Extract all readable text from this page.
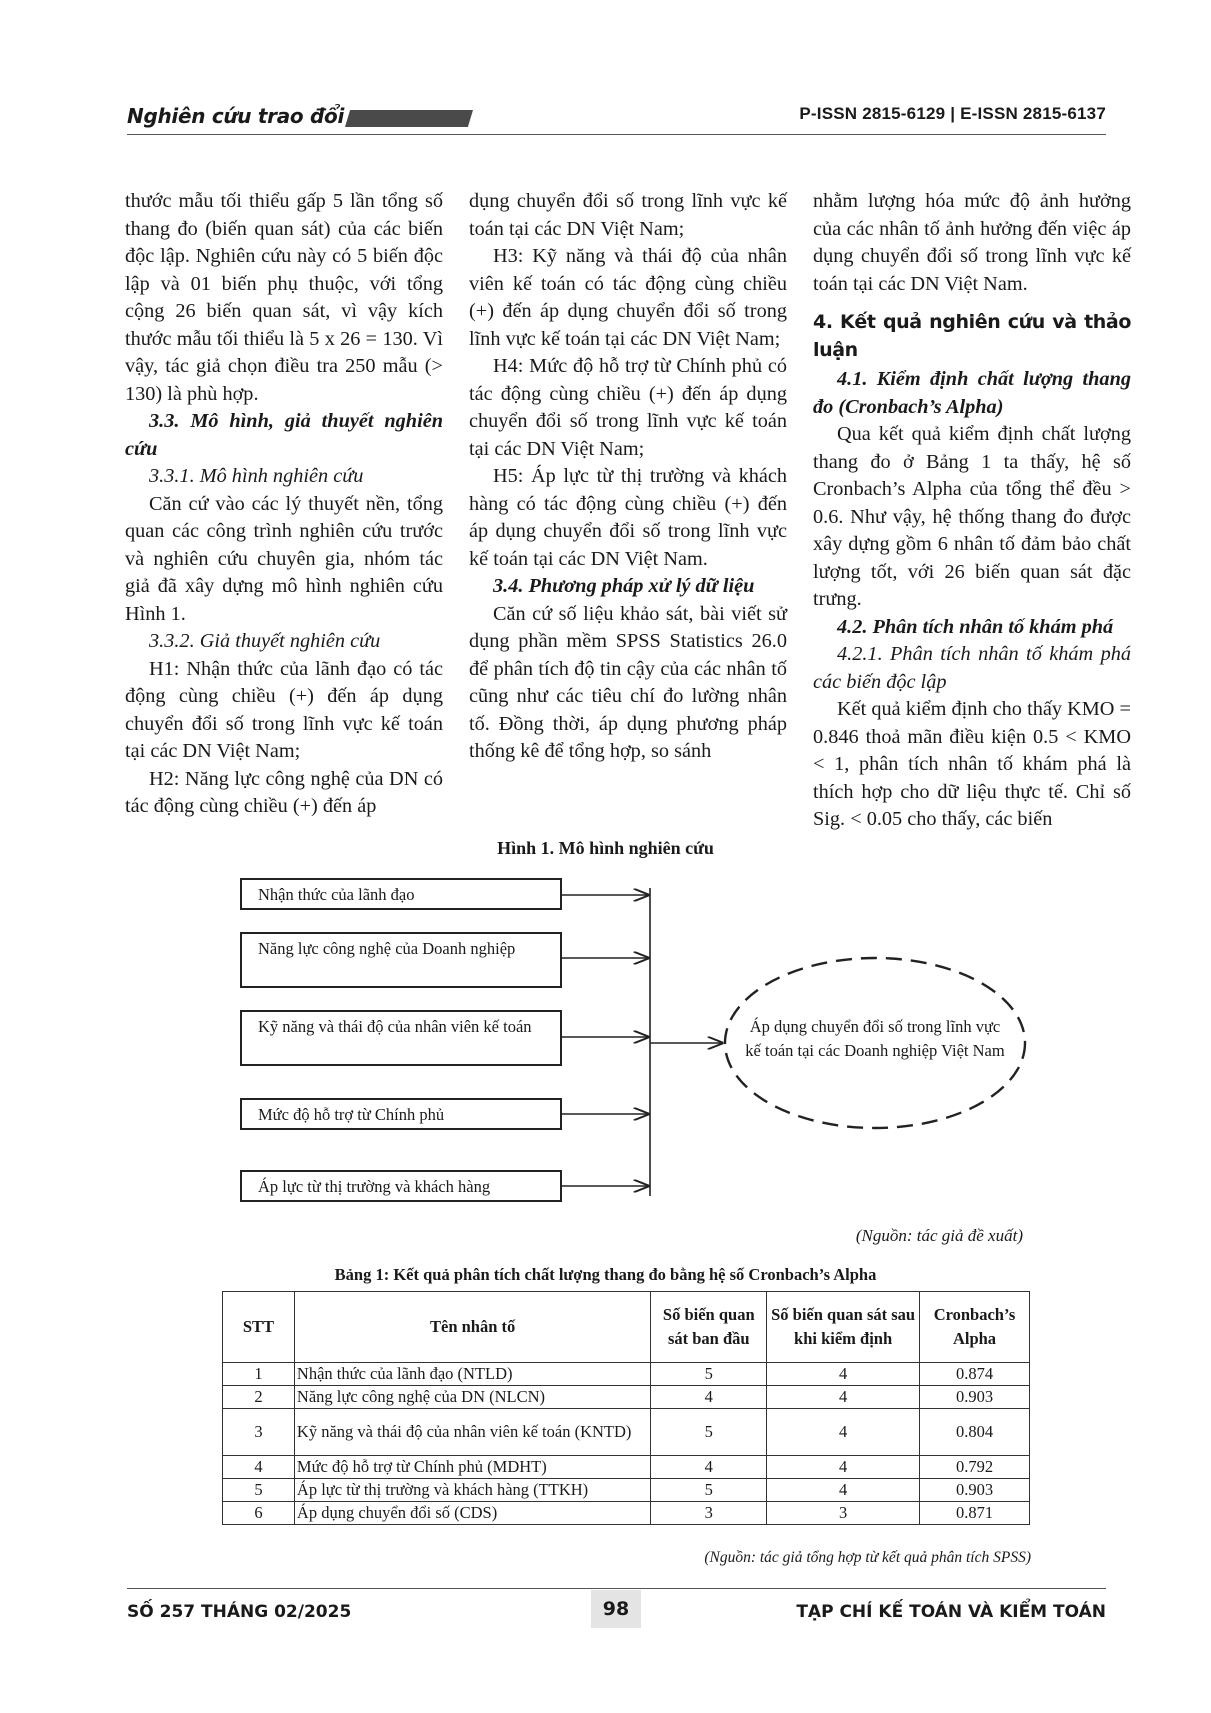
Nghiên cứu trao đổi	P-ISSN 2815-6129 | E-ISSN 2815-6137

thước mẫu tối thiểu gấp 5 lần tổng số thang đo (biến quan sát) của các biến độc lập. Nghiên cứu này có 5 biến độc lập và 01 biến phụ thuộc, với tổng cộng 26 biến quan sát, vì vậy kích thước mẫu tối thiểu là 5 x 26 = 130. Vì vậy, tác giả chọn điều tra 250 mẫu (> 130) là phù hợp.

3.3. Mô hình, giả thuyết nghiên cứu

3.3.1. Mô hình nghiên cứu

Căn cứ vào các lý thuyết nền, tổng quan các công trình nghiên cứu trước và nghiên cứu chuyên gia, nhóm tác giả đã xây dựng mô hình nghiên cứu Hình 1.

3.3.2. Giả thuyết nghiên cứu

H1: Nhận thức của lãnh đạo có tác động cùng chiều (+) đến áp dụng chuyển đổi số trong lĩnh vực kế toán tại các DN Việt Nam;

H2: Năng lực công nghệ của DN có tác động cùng chiều (+) đến áp

dụng chuyển đổi số trong lĩnh vực kế toán tại các DN Việt Nam;

H3: Kỹ năng và thái độ của nhân viên kế toán có tác động cùng chiều (+) đến áp dụng chuyển đổi số trong lĩnh vực kế toán tại các DN Việt Nam;

H4: Mức độ hỗ trợ từ Chính phủ có tác động cùng chiều (+) đến áp dụng chuyển đổi số trong lĩnh vực kế toán tại các DN Việt Nam;

H5: Áp lực từ thị trường và khách hàng có tác động cùng chiều (+) đến áp dụng chuyển đổi số trong lĩnh vực kế toán tại các DN Việt Nam.

3.4. Phương pháp xử lý dữ liệu

Căn cứ số liệu khảo sát, bài viết sử dụng phần mềm SPSS Statistics 26.0 để phân tích độ tin cậy của các nhân tố cũng như các tiêu chí đo lường nhân tố. Đồng thời, áp dụng phương pháp thống kê để tổng hợp, so sánh

nhằm lượng hóa mức độ ảnh hưởng của các nhân tố ảnh hưởng đến việc áp dụng chuyển đổi số trong lĩnh vực kế toán tại các DN Việt Nam.

4. Kết quả nghiên cứu và thảo luận

4.1. Kiểm định chất lượng thang đo (Cronbach’s Alpha)

Qua kết quả kiểm định chất lượng thang đo ở Bảng 1 ta thấy, hệ số Cronbach’s Alpha của tổng thể đều > 0.6. Như vậy, hệ thống thang đo được xây dựng gồm 6 nhân tố đảm bảo chất lượng tốt, với 26 biến quan sát đặc trưng.

4.2. Phân tích nhân tố khám phá

4.2.1. Phân tích nhân tố khám phá các biến độc lập

Kết quả kiểm định cho thấy KMO = 0.846 thoả mãn điều kiện 0.5 < KMO < 1, phân tích nhân tố khám phá là thích hợp cho dữ liệu thực tế. Chỉ số Sig. < 0.05 cho thấy, các biến

Hình 1. Mô hình nghiên cứu
Nhận thức của lãnh đạo
Năng lực công nghệ của Doanh nghiệp
Kỹ năng và thái độ của nhân viên kế toán
Mức độ hỗ trợ từ Chính phủ
Áp lực từ thị trường và khách hàng
Áp dụng chuyển đổi số trong lĩnh vực kế toán tại các Doanh nghiệp Việt Nam
(Nguồn: tác giả đề xuất)
Bảng 1: Kết quả phân tích chất lượng thang đo bằng hệ số Cronbach’s Alpha
STT	Tên nhân tố	Số biến quan sát ban đầu	Số biến quan sát sau khi kiểm định	Cronbach’s Alpha
1	Nhận thức của lãnh đạo (NTLD)	5	4	0.874
2	Năng lực công nghệ của DN (NLCN)	4	4	0.903
3	Kỹ năng và thái độ của nhân viên kế toán (KNTD)	5	4	0.804
4	Mức độ hỗ trợ từ Chính phủ (MDHT)	4	4	0.792
5	Áp lực từ thị trường và khách hàng (TTKH)	5	4	0.903
6	Áp dụng chuyển đổi số (CDS)	3	3	0.871
(Nguồn: tác giả tổng hợp từ kết quả phân tích SPSS)
SỐ 257 THÁNG 02/2025	98	TẠP CHÍ KẾ TOÁN VÀ KIỂM TOÁN
